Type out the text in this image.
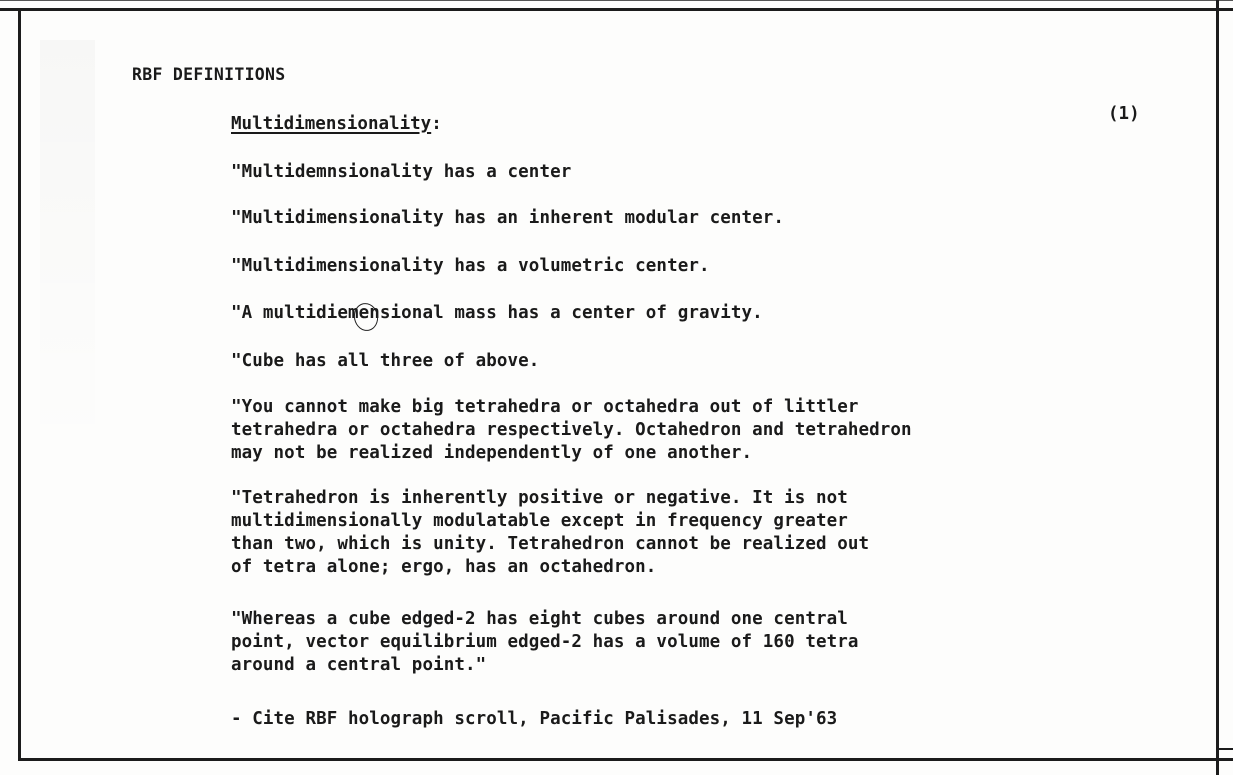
RBF DEFINITIONS
Multidimensionality:	(1)
"Multidemnsionality has a center
"Multidimensionality has an inherent modular center.
"Multidimensionality has a volumetric center.
"A multidiemensional mass has a center of gravity.
"Cube has all three of above.
"You cannot make big tetrahedra or octahedra out of littler
tetrahedra or octahedra respectively. Octahedron and tetrahedron
may not be realized independently of one another.
"Tetrahedron is inherently positive or negative. It is not
multidimensionally modulatable except in frequency greater
than two, which is unity. Tetrahedron cannot be realized out
of tetra alone; ergo, has an octahedron.
"Whereas a cube edged-2 has eight cubes around one central
point, vector equilibrium edged-2 has a volume of 160 tetra
around a central point."
- Cite RBF holograph scroll, Pacific Palisades, 11 Sep'63
